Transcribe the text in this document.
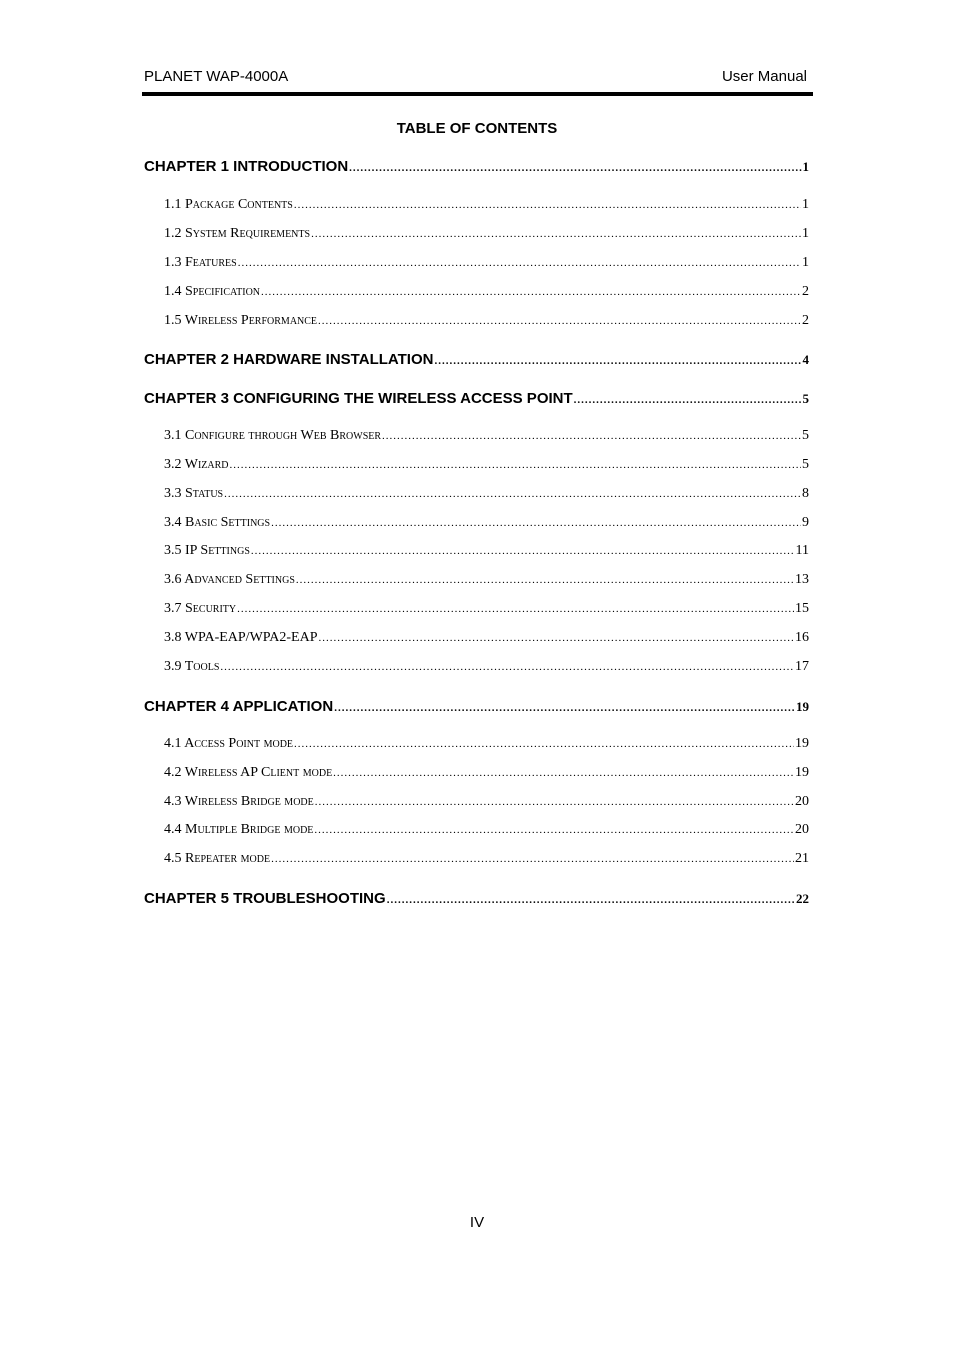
PLANET WAP-4000A	User Manual
TABLE OF CONTENTS
CHAPTER 1 INTRODUCTION .....	1
1.1 Package Contents .....	1
1.2 System Requirements .....	1
1.3 Features .....	1
1.4 Specification .....	2
1.5 Wireless Performance .....	2
CHAPTER 2 HARDWARE INSTALLATION .....	4
CHAPTER 3 CONFIGURING THE WIRELESS ACCESS POINT .....	5
3.1 Configure through Web Browser .....	5
3.2 Wizard .....	5
3.3 Status .....	8
3.4 Basic Settings .....	9
3.5 IP Settings .....	11
3.6 Advanced Settings .....	13
3.7 Security .....	15
3.8 WPA-EAP/WPA2-EAP .....	16
3.9 Tools .....	17
CHAPTER 4 APPLICATION .....	19
4.1 Access Point mode .....	19
4.2 Wireless AP Client mode .....	19
4.3 Wireless Bridge mode .....	20
4.4 Multiple Bridge mode .....	20
4.5 Repeater mode .....	21
CHAPTER 5 TROUBLESHOOTING .....	22
IV
